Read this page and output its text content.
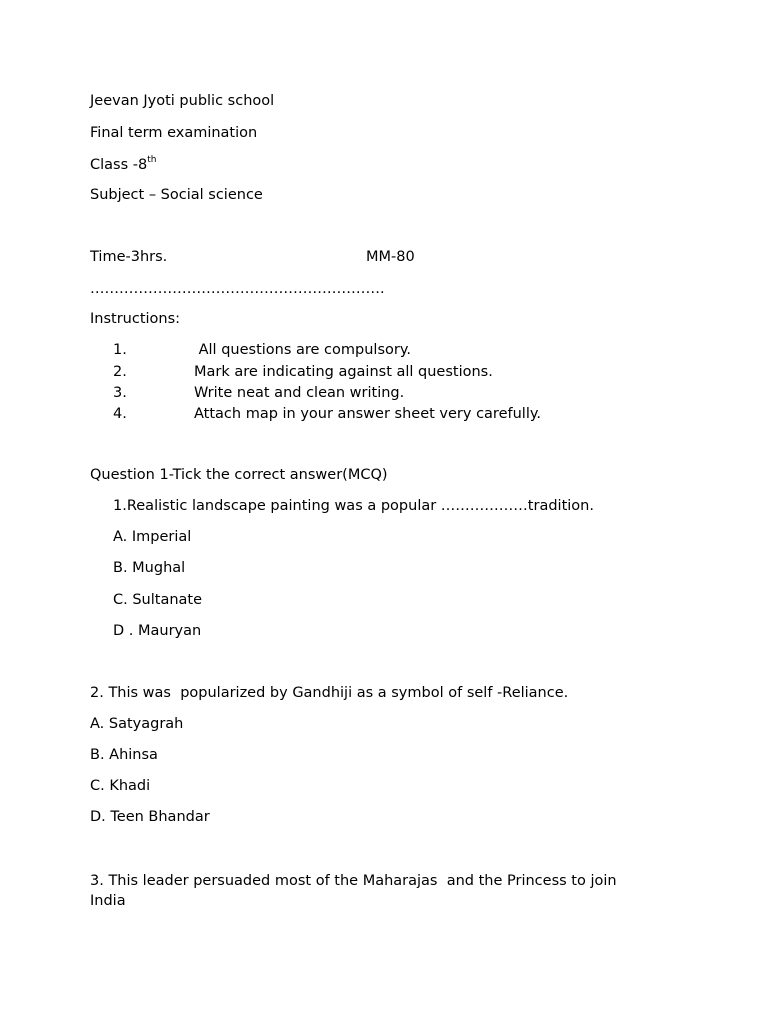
Jeevan Jyoti public school
Final term examination
Class -8th
Subject – Social science
Time-3hrs.	MM-80
…………………………………………………….
Instructions:
1.	All questions are compulsory.
2.	Mark are indicating against all questions.
3.	Write neat and clean writing.
4.	Attach map in your answer sheet very carefully.
Question 1-Tick the correct answer(MCQ)
1.Realistic landscape painting was a popular ………………tradition.
A. Imperial
B. Mughal
C. Sultanate
D . Mauryan
2. This was  popularized by Gandhiji as a symbol of self -Reliance.
A. Satyagrah
B. Ahinsa
C. Khadi
D. Teen Bhandar
3. This leader persuaded most of the Maharajas  and the Princess to join
India
